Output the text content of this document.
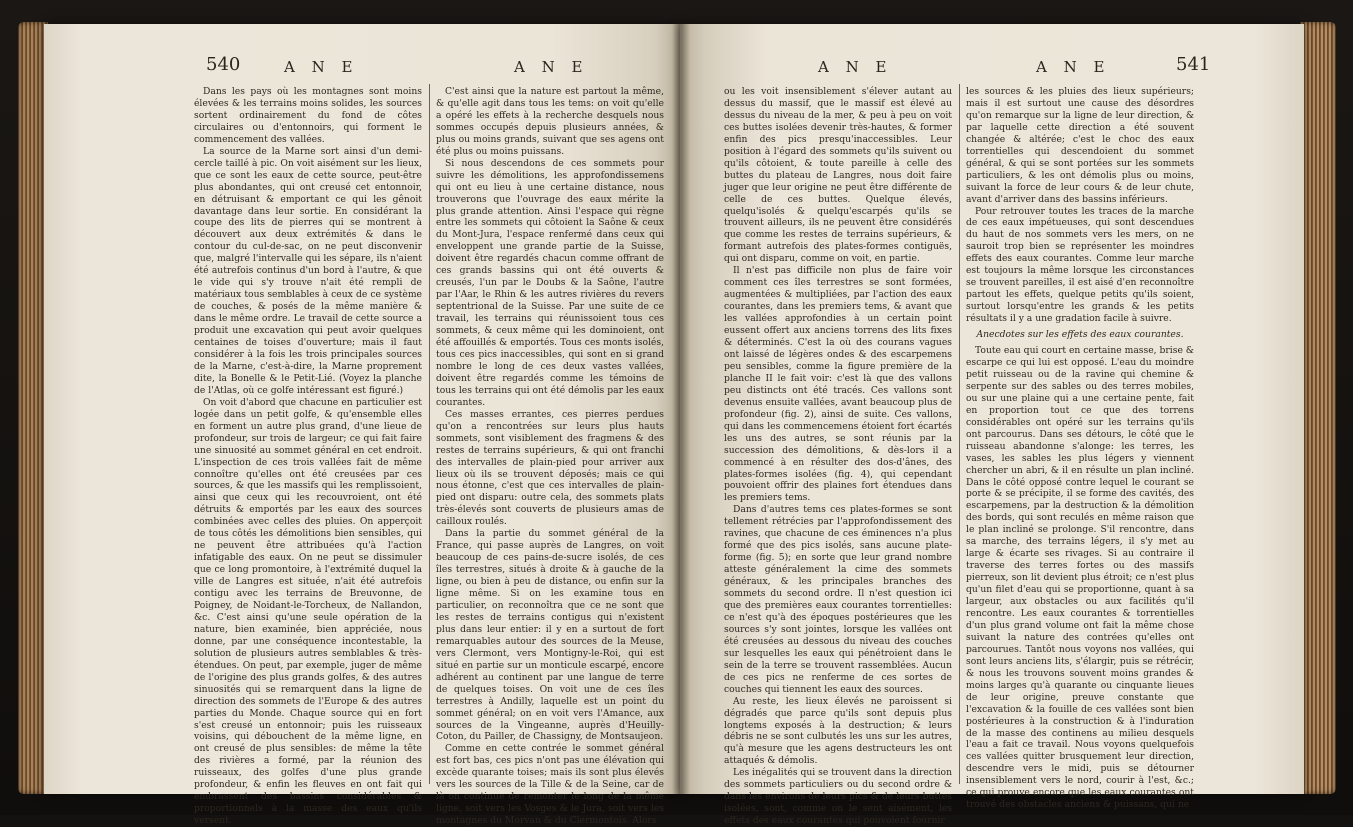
540	A N E	A N E

Dans les pays où les montagnes sont moins élevées & les terrains moins solides, les sources sortent ordinairement du fond de côtes circulaires ou d'entonnoirs, qui forment le commencement des vallées.

La source de la Marne sort ainsi d'un demi-cercle taillé à pic. On voit aisément sur les lieux, que ce sont les eaux de cette source, peut-être plus abondantes, qui ont creusé cet entonnoir, en détruisant & emportant ce qui les gênoit davantage dans leur sortie. En considérant la coupe des lits de pierres qui se montrent à découvert aux deux extrémités & dans le contour du cul-de-sac, on ne peut disconvenir que, malgré l'intervalle qui les sépare, ils n'aient été autrefois continus d'un bord à l'autre, & que le vide qui s'y trouve n'ait été rempli de matériaux tous semblables à ceux de ce système de couches, & posés de la même manière & dans le même ordre. Le travail de cette source a produit une excavation qui peut avoir quelques centaines de toises d'ouverture; mais il faut considérer à la fois les trois principales sources de la Marne, c'est-à-dire, la Marne proprement dite, la Bonelle & le Petit-Lié. (Voyez la planche de l'Atlas, où ce golfe intéressant est figuré.)

On voit d'abord que chacune en particulier est logée dans un petit golfe, & qu'ensemble elles en forment un autre plus grand, d'une lieue de profondeur, sur trois de largeur; ce qui fait faire une sinuosité au sommet général en cet endroit. L'inspection de ces trois vallées fait de même connoître qu'elles ont été creusées par ces sources, & que les massifs qui les remplissoient, ainsi que ceux qui les recouvroient, ont été détruits & emportés par les eaux des sources combinées avec celles des pluies. On apperçoit de tous côtés les démolitions bien sensibles, qui ne peuvent être attribuées qu'à l'action infatigable des eaux. On ne peut se dissimuler que ce long promontoire, à l'extrémité duquel la ville de Langres est située, n'ait été autrefois contigu avec les terrains de Breuvonne, de Poigney, de Noidant-le-Torcheux, de Nallandon, &c. C'est ainsi qu'une seule opération de la nature, bien examinée, bien appréciée, nous donne, par une conséquence incontestable, la solution de plusieurs autres semblables & très-étendues. On peut, par exemple, juger de même de l'origine des plus grands golfes, & des autres sinuosités qui se remarquent dans la ligne de direction des sommets de l'Europe & des autres parties du Monde. Chaque source qui en fort s'est creusé un entonnoir; puis les ruisseaux voisins, qui débouchent de la même ligne, en ont creusé de plus sensibles: de même la tête des rivières a formé, par la réunion des ruisseaux, des golfes d'une plus grande profondeur, & enfin les fleuves en ont fait qui embrassent des bassins considérables & proportionnels à la masse des eaux qu'ils versent.

C'est ainsi que la nature est partout la même, & qu'elle agit dans tous les tems: on voit qu'elle a opéré les effets à la recherche desquels nous sommes occupés depuis plusieurs années, & plus ou moins grands, suivant que ses agens ont été plus ou moins puissans.

Si nous descendons de ces sommets pour suivre les démolitions, les approfondissemens qui ont eu lieu à une certaine distance, nous trouverons que l'ouvrage des eaux mérite la plus grande attention. Ainsi l'espace qui règne entre les sommets qui côtoient la Saône & ceux du Mont-Jura, l'espace renfermé dans ceux qui enveloppent une grande partie de la Suisse, doivent être regardés chacun comme offrant de ces grands bassins qui ont été ouverts & creusés, l'un par le Doubs & la Saône, l'autre par l'Aar, le Rhin & les autres rivières du revers septentrional de la Suisse. Par une suite de ce travail, les terrains qui réunissoient tous ces sommets, & ceux même qui les dominoient, ont été affouillés & emportés. Tous ces monts isolés, tous ces pics inaccessibles, qui sont en si grand nombre le long de ces deux vastes vallées, doivent être regardés comme les témoins de tous les terrains qui ont été démolis par les eaux courantes.

Ces masses errantes, ces pierres perdues qu'on a rencontrées sur leurs plus hauts sommets, sont visiblement des fragmens & des restes de terrains supérieurs, & qui ont franchi des intervalles de plain-pied pour arriver aux lieux où ils se trouvent déposés; mais ce qui nous étonne, c'est que ces intervalles de plain-pied ont disparu: outre cela, des sommets plats très-élevés sont couverts de plusieurs amas de cailloux roulés.

Dans la partie du sommet général de la France, qui passe auprès de Langres, on voit beaucoup de ces pains-de-sucre isolés, de ces îles terrestres, situés à droite & à gauche de la ligne, ou bien à peu de distance, ou enfin sur la ligne même. Si on les examine tous en particulier, on reconnoîtra que ce ne sont que les restes de terrains contigus qui n'existent plus dans leur entier: il y en a surtout de fort remarquables autour des sources de la Meuse, vers Clermont, vers Montigny-le-Roi, qui est situé en partie sur un monticule escarpé, encore adhérent au continent par une langue de terre de quelques toises. On voit une de ces îles terrestres à Andilly, laquelle est un point du sommet général; on en voit vers l'Amance, aux sources de la Vingeanne, auprès d'Heuilly-Coton, du Pailler, de Chassigny, de Montsaujeon.

Comme en cette contrée le sommet général est fort bas, ces pics n'ont pas une élévation qui excède quarante toises; mais ils sont plus élevés vers les sources de la Tille & de la Seine, car de là on continue de remonter le long de la même ligne, soit vers les Vosges & le Jura, soit vers les montagnes du Morvan & du Clermontois. Alors

A N E	A N E	541

ou les voit insensiblement s'élever autant au dessus du massif, que le massif est élevé au dessus du niveau de la mer, & peu à peu on voit ces buttes isolées devenir très-hautes, & former enfin des pics presqu'inaccessibles. Leur position à l'égard des sommets qu'ils suivent ou qu'ils côtoient, & toute pareille à celle des buttes du plateau de Langres, nous doit faire juger que leur origine ne peut être différente de celle de ces buttes. Quelque élevés, quelqu'isolés & quelqu'escarpés qu'ils se trouvent ailleurs, ils ne peuvent être considérés que comme les restes de terrains supérieurs, & formant autrefois des plates-formes contiguës, qui ont disparu, comme on voit, en partie.

Il n'est pas difficile non plus de faire voir comment ces îles terrestres se sont formées, augmentées & multipliées, par l'action des eaux courantes, dans les premiers tems, & avant que les vallées approfondies à un certain point eussent offert aux anciens torrens des lits fixes & déterminés. C'est la où des courans vagues ont laissé de légères ondes & des escarpemens peu sensibles, comme la figure première de la planche II le fait voir: c'est là que des vallons peu distincts ont été tracés. Ces vallons sont devenus ensuite vallées, avant beaucoup plus de profondeur (fig. 2), ainsi de suite. Ces vallons, qui dans les commencemens étoient fort écartés les uns des autres, se sont réunis par la succession des démolitions, & dès-lors il a commencé à en résulter des dos-d'ânes, des plates-formes isolées (fig. 4), qui cependant pouvoient offrir des plaines fort étendues dans les premiers tems.

Dans d'autres tems ces plates-formes se sont tellement rétrécies par l'approfondissement des ravines, que chacune de ces éminences n'a plus formé que des pics isolés, sans aucune plate-forme (fig. 5); en sorte que leur grand nombre atteste généralement la cime des sommets généraux, & les principales branches des sommets du second ordre. Il n'est question ici que des premières eaux courantes torrentielles: ce n'est qu'à des époques postérieures que les sources s'y sont jointes, lorsque les vallées ont été creusées au dessous du niveau des couches sur lesquelles les eaux qui pénétroient dans le sein de la terre se trouvent rassemblées. Aucun de ces pics ne renferme de ces sortes de couches qui tiennent les eaux des sources.

Au reste, les lieux élevés ne paroissent si dégradés que parce qu'ils sont depuis plus longtems exposés à la destruction; & leurs débris ne se sont culbutés les uns sur les autres, qu'à mesure que les agens destructeurs les ont attaqués & démolis.

Les inégalités qui se trouvent dans la direction des sommets particuliers ou du second ordre & dans les environs de leurs pics & de leurs buttes isolées, sont, comme on le sent aisément, les effets des eaux courantes qui pouvoient fournir

les sources & les pluies des lieux supérieurs; mais il est surtout une cause des désordres qu'on remarque sur la ligne de leur direction, & par laquelle cette direction a été souvent changée & altérée; c'est le choc des eaux torrentielles qui descendoient du sommet général, & qui se sont portées sur les sommets particuliers, & les ont démolis plus ou moins, suivant la force de leur cours & de leur chute, avant d'arriver dans des bassins inférieurs.

Pour retrouver toutes les traces de la marche de ces eaux impétueuses, qui sont descendues du haut de nos sommets vers les mers, on ne sauroit trop bien se représenter les moindres effets des eaux courantes. Comme leur marche est toujours la même lorsque les circonstances se trouvent pareilles, il est aisé d'en reconnoître partout les effets, quelque petits qu'ils soient, surtout lorsqu'entre les grands & les petits résultats il y a une gradation facile à suivre.

Anecdotes sur les effets des eaux courantes.

Toute eau qui court en certaine masse, brise & escarpe ce qui lui est opposé. L'eau du moindre petit ruisseau ou de la ravine qui chemine & serpente sur des sables ou des terres mobiles, ou sur une plaine qui a une certaine pente, fait en proportion tout ce que des torrens considérables ont opéré sur les terrains qu'ils ont parcourus. Dans ses détours, le côté que le ruisseau abandonne s'alonge: les terres, les vases, les sables les plus légers y viennent chercher un abri, & il en résulte un plan incliné. Dans le côté opposé contre lequel le courant se porte & se précipite, il se forme des cavités, des escarpemens, par la destruction & la démolition des bords, qui sont reculés en même raison que le plan incliné se prolonge. S'il rencontre, dans sa marche, des terrains légers, il s'y met au large & écarte ses rivages. Si au contraire il traverse des terres fortes ou des massifs pierreux, son lit devient plus étroit; ce n'est plus qu'un filet d'eau qui se proportionne, quant à sa largeur, aux obstacles ou aux facilités qu'il rencontre. Les eaux courantes & torrentielles d'un plus grand volume ont fait la même chose suivant la nature des contrées qu'elles ont parcourues. Tantôt nous voyons nos vallées, qui sont leurs anciens lits, s'élargir, puis se rétrécir, & nous les trouvons souvent moins grandes & moins larges qu'à quarante ou cinquante lieues de leur origine, preuve constante que l'excavation & la fouille de ces vallées sont bien postérieures à la construction & à l'induration de la masse des continens au milieu desquels l'eau a fait ce travail. Nous voyons quelquefois ces vallées quitter brusquement leur direction, descendre vers le midi, puis se détourner insensiblement vers le nord, courir à l'est, &c.; ce qui prouve encore que les eaux courantes ont trouvé des obstacles anciens & puissans, qui ne
